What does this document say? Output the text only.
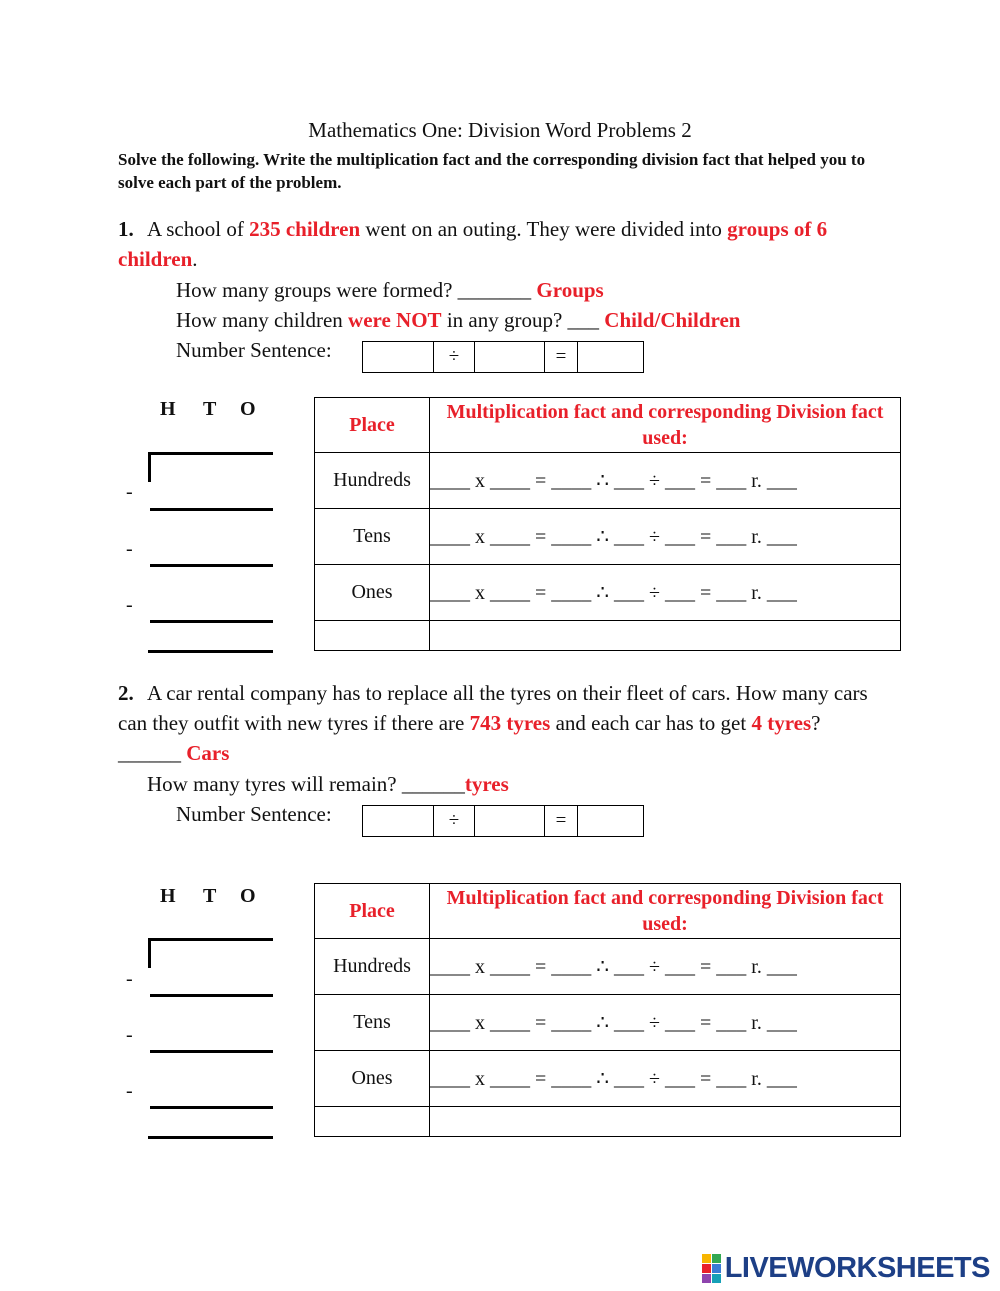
Mathematics One: Division Word Problems 2
Solve the following. Write the multiplication fact and the corresponding division fact that helped you to solve each part of the problem.
1. A school of 235 children went on an outing. They were divided into groups of 6 children.
How many groups were formed? _______ Groups
How many children were NOT in any group? ___ Child/Children
Number Sentence:	÷	=
H T O
-
-
-
Place	Multiplication fact and corresponding Division fact used:
Hundreds	____ x ____ = ____ ∴ ___ ÷ ___ = ___ r. ___
Tens	____ x ____ = ____ ∴ ___ ÷ ___ = ___ r. ___
Ones	____ x ____ = ____ ∴ ___ ÷ ___ = ___ r. ___

2. A car rental company has to replace all the tyres on their fleet of cars. How many cars can they outfit with new tyres if there are 743 tyres and each car has to get 4 tyres? ______ Cars
How many tyres will remain? ______tyres
Number Sentence:	÷	=
H T O
-
-
-
Place	Multiplication fact and corresponding Division fact used:
Hundreds	____ x ____ = ____ ∴ ___ ÷ ___ = ___ r. ___
Tens	____ x ____ = ____ ∴ ___ ÷ ___ = ___ r. ___
Ones	____ x ____ = ____ ∴ ___ ÷ ___ = ___ r. ___

LIVEWORKSHEETS
